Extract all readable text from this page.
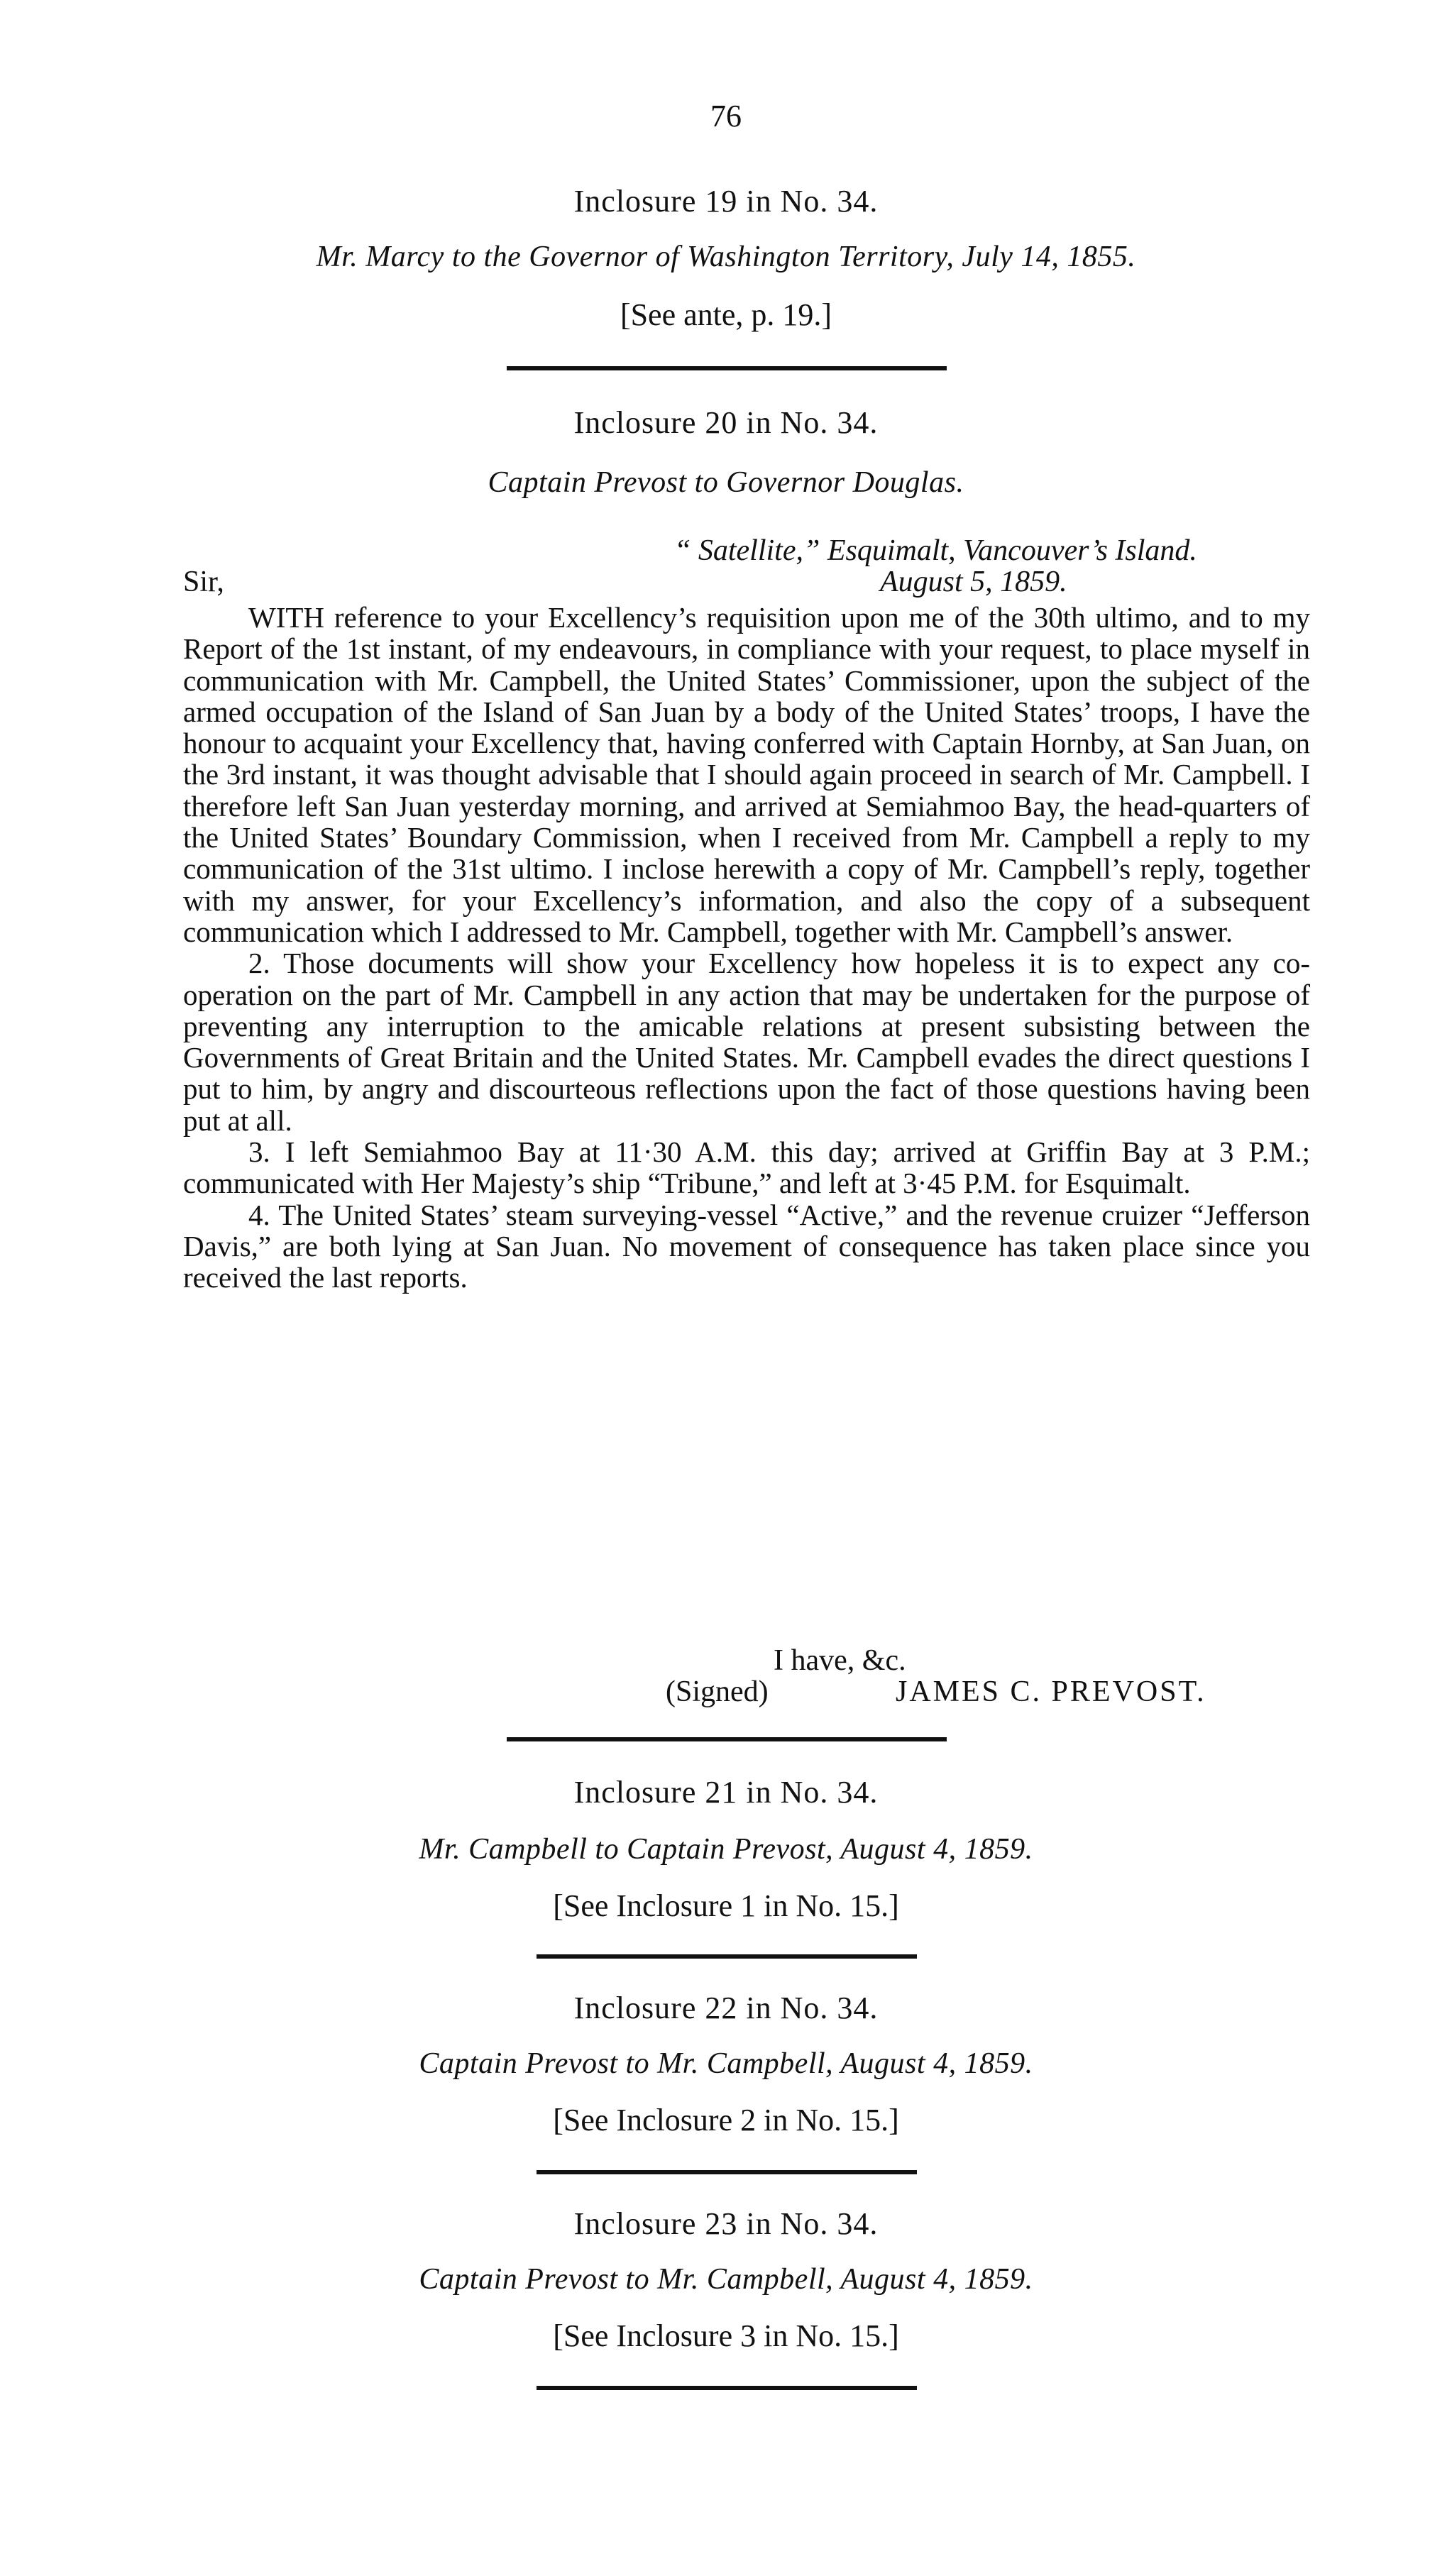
76
Inclosure 19 in No. 34.
Mr. Marcy to the Governor of Washington Territory, July 14, 1855.
[See ante, p. 19.]
Inclosure 20 in No. 34.
Captain Prevost to Governor Douglas.
“ Satellite,” Esquimalt, Vancouver’s Island.
Sir,	August 5, 1859.

WITH reference to your Excellency’s requisition upon me of the 30th ultimo, and to my Report of the 1st instant, of my endeavours, in compliance with your request, to place myself in communication with Mr. Campbell, the United States’ Commissioner, upon the subject of the armed occupation of the Island of San Juan by a body of the United States’ troops, I have the honour to acquaint your Excellency that, having conferred with Captain Hornby, at San Juan, on the 3rd instant, it was thought advisable that I should again proceed in search of Mr. Campbell. I therefore left San Juan yesterday morning, and arrived at Semiahmoo Bay, the head-quarters of the United States’ Boundary Commission, when I received from Mr. Campbell a reply to my communication of the 31st ultimo. I inclose herewith a copy of Mr. Campbell’s reply, together with my answer, for your Excellency’s information, and also the copy of a subsequent communication which I addressed to Mr. Campbell, together with Mr. Campbell’s answer.

2. Those documents will show your Excellency how hopeless it is to expect any co-operation on the part of Mr. Campbell in any action that may be undertaken for the purpose of preventing any interruption to the amicable relations at present subsisting between the Governments of Great Britain and the United States. Mr. Campbell evades the direct questions I put to him, by angry and discourteous reflections upon the fact of those questions having been put at all.

3. I left Semiahmoo Bay at 11·30 A.M. this day; arrived at Griffin Bay at 3 P.M.; communicated with Her Majesty’s ship “Tribune,” and left at 3·45 P.M. for Esquimalt.

4. The United States’ steam surveying-vessel “Active,” and the revenue cruizer “Jefferson Davis,” are both lying at San Juan. No movement of consequence has taken place since you received the last reports.

I have, &c.
(Signed)	JAMES C. PREVOST.
Inclosure 21 in No. 34.
Mr. Campbell to Captain Prevost, August 4, 1859.
[See Inclosure 1 in No. 15.]
Inclosure 22 in No. 34.
Captain Prevost to Mr. Campbell, August 4, 1859.
[See Inclosure 2 in No. 15.]
Inclosure 23 in No. 34.
Captain Prevost to Mr. Campbell, August 4, 1859.
[See Inclosure 3 in No. 15.]
